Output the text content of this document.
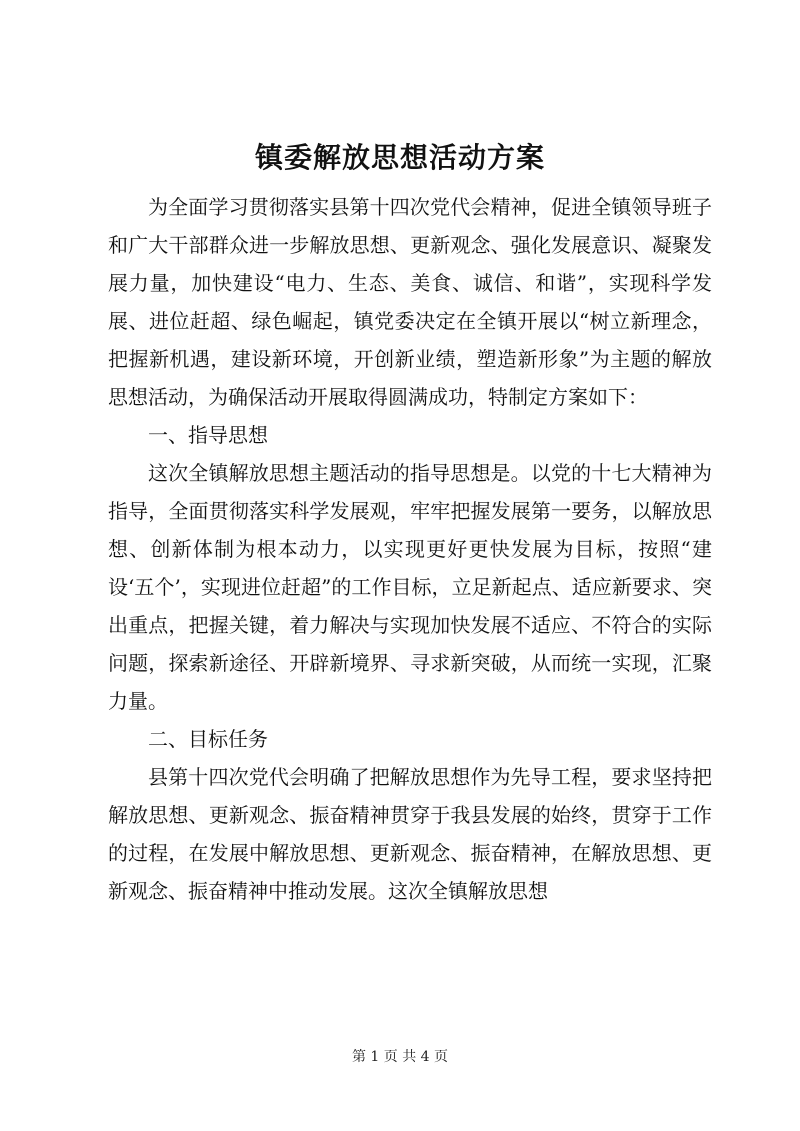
镇委解放思想活动方案

为全面学习贯彻落实县第十四次党代会精神，促进全镇领导班子和广大干部群众进一步解放思想、更新观念、强化发展意识、凝聚发展力量，加快建设“电力、生态、美食、诚信、和谐”，实现科学发展、进位赶超、绿色崛起，镇党委决定在全镇开展以“树立新理念，把握新机遇，建设新环境，开创新业绩，塑造新形象”为主题的解放思想活动，为确保活动开展取得圆满成功，特制定方案如下：

一、指导思想

这次全镇解放思想主题活动的指导思想是。以党的十七大精神为指导，全面贯彻落实科学发展观，牢牢把握发展第一要务，以解放思想、创新体制为根本动力，以实现更好更快发展为目标，按照“建设‘五个’，实现进位赶超”的工作目标，立足新起点、适应新要求、突出重点，把握关键，着力解决与实现加快发展不适应、不符合的实际问题，探索新途径、开辟新境界、寻求新突破，从而统一实现，汇聚力量。

二、目标任务

县第十四次党代会明确了把解放思想作为先导工程，要求坚持把解放思想、更新观念、振奋精神贯穿于我县发展的始终，贯穿于工作的过程，在发展中解放思想、更新观念、振奋精神，在解放思想、更新观念、振奋精神中推动发展。这次全镇解放思想

第 1 页 共 4 页
